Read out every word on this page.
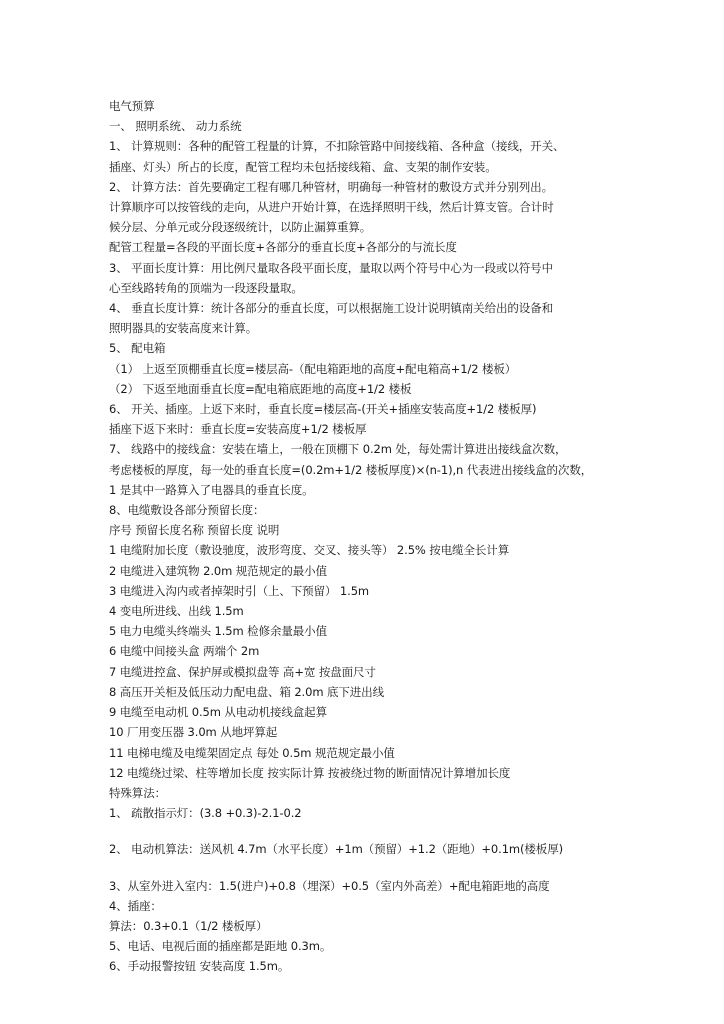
电气预算
一、 照明系统、 动力系统
1、 计算规则：各种的配管工程量的计算，不扣除管路中间接线箱、各种盒（接线，开关、
插座、灯头）所占的长度，配管工程均未包括接线箱、盒、支架的制作安装。
2、 计算方法：首先要确定工程有哪几种管材，明确每一种管材的敷设方式并分别列出。
计算顺序可以按管线的走向，从进户开始计算，在选择照明干线，然后计算支管。合计时
候分层、分单元或分段逐级统计，以防止漏算重算。
配管工程量=各段的平面长度+各部分的垂直长度+各部分的与流长度
3、 平面长度计算：用比例尺量取各段平面长度，量取以两个符号中心为一段或以符号中
心至线路转角的顶端为一段逐段量取。
4、 垂直长度计算：统计各部分的垂直长度，可以根据施工设计说明镇南关给出的设备和
照明器具的安装高度来计算。
5、 配电箱
（1） 上返至顶棚垂直长度=楼层高-（配电箱距地的高度+配电箱高+1/2 楼板）
（2） 下返至地面垂直长度=配电箱底距地的高度+1/2 楼板
6、 开关、插座。上返下来时，垂直长度=楼层高-(开关+插座安装高度+1/2 楼板厚)
插座下返下来时：垂直长度=安装高度+1/2 楼板厚
7、 线路中的接线盒：安装在墙上，一般在顶棚下 0.2m 处，每处需计算进出接线盒次数，
考虑楼板的厚度，每一处的垂直长度=(0.2m+1/2 楼板厚度)×(n-1),n 代表进出接线盒的次数，
1 是其中一路算入了电器具的垂直长度。
8、电缆敷设各部分预留长度：
序号 预留长度名称 预留长度 说明
1 电缆附加长度（敷设驰度，波形弯度、交叉、接头等） 2.5% 按电缆全长计算
2 电缆进入建筑物 2.0m 规范规定的最小值
3 电缆进入沟内或者掉架时引（上、下预留） 1.5m
4 变电所进线、出线 1.5m
5 电力电缆头终端头 1.5m 检修余量最小值
6 电缆中间接头盒 两端个 2m
7 电缆进控盒、保护屏或模拟盘等 高+宽 按盘面尺寸
8 高压开关柜及低压动力配电盘、箱 2.0m 底下进出线
9 电缆至电动机 0.5m 从电动机接线盒起算
10 厂用变压器 3.0m 从地坪算起
11 电梯电缆及电缆架固定点 每处 0.5m 规范规定最小值
12 电缆绕过梁、柱等增加长度 按实际计算 按被绕过物的断面情况计算增加长度
特殊算法：
1、 疏散指示灯：(3.8 +0.3)-2.1-0.2
2、 电动机算法：送风机 4.7m（水平长度）+1m（预留）+1.2（距地）+0.1m(楼板厚)
3、从室外进入室内：1.5(进户)+0.8（埋深）+0.5（室内外高差）+配电箱距地的高度
4、插座：
算法：0.3+0.1（1/2 楼板厚）
5、电话、电视后面的插座都是距地 0.3m。
6、手动报警按钮 安装高度 1.5m。
